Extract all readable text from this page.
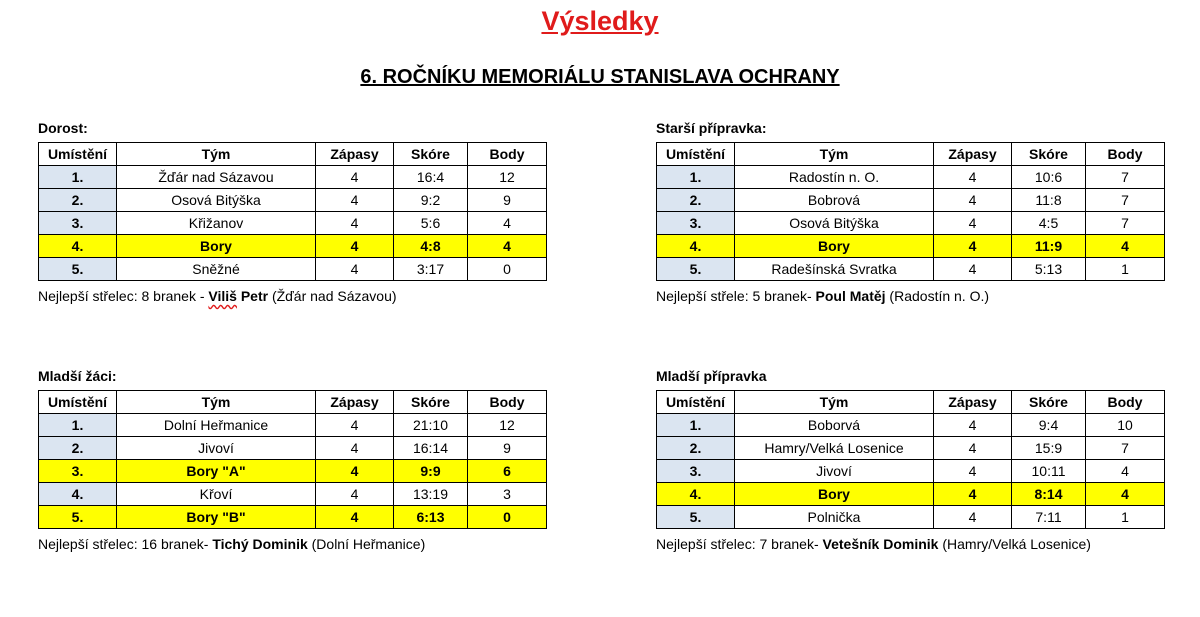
Výsledky
6. ROČNÍKU MEMORIÁLU STANISLAVA OCHRANY
Dorost:
Umístění	Tým	Zápasy	Skóre	Body
1.	Žďár nad Sázavou	4	16:4	12
2.	Osová Bitýška	4	9:2	9
3.	Křižanov	4	5:6	4
4.	Bory	4	4:8	4
5.	Sněžné	4	3:17	0
Nejlepší střelec: 8 branek - Viliš Petr (Žďár nad Sázavou)
Starší přípravka:
Umístění	Tým	Zápasy	Skóre	Body
1.	Radostín n. O.	4	10:6	7
2.	Bobrová	4	11:8	7
3.	Osová Bitýška	4	4:5	7
4.	Bory	4	11:9	4
5.	Radešínská Svratka	4	5:13	1
Nejlepší střele: 5 branek- Poul Matěj (Radostín n. O.)
Mladší žáci:
Umístění	Tým	Zápasy	Skóre	Body
1.	Dolní Heřmanice	4	21:10	12
2.	Jivoví	4	16:14	9
3.	Bory "A"	4	9:9	6
4.	Křoví	4	13:19	3
5.	Bory "B"	4	6:13	0
Nejlepší střelec: 16 branek- Tichý Dominik (Dolní Heřmanice)
Mladší přípravka
Umístění	Tým	Zápasy	Skóre	Body
1.	Boborvá	4	9:4	10
2.	Hamry/Velká Losenice	4	15:9	7
3.	Jivoví	4	10:11	4
4.	Bory	4	8:14	4
5.	Polnička	4	7:11	1
Nejlepší střelec: 7 branek- Vetešník Dominik (Hamry/Velká Losenice)
